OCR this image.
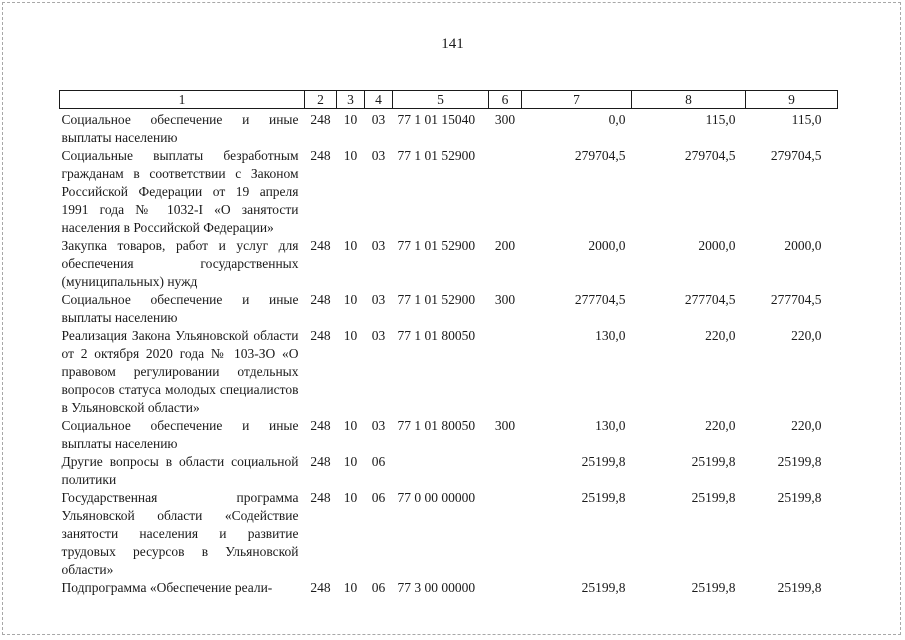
141
1	2	3	4	5	6	7	8	9
Социальное обеспечение и иные выплаты населению	248	10	03	77 1 01 15040	300	0,0	115,0	115,0
Социальные выплаты безработным гражданам в соответствии с Законом Российской Федерации от 19 апреля 1991 года № 1032-I «О занятости населения в Российской Федерации»	248	10	03	77 1 01 52900		279704,5	279704,5	279704,5
Закупка товаров, работ и услуг для обеспечения государственных (муниципальных) нужд	248	10	03	77 1 01 52900	200	2000,0	2000,0	2000,0
Социальное обеспечение и иные выплаты населению	248	10	03	77 1 01 52900	300	277704,5	277704,5	277704,5
Реализация Закона Ульяновской области от 2 октября 2020 года № 103-ЗО «О правовом регулировании отдельных вопросов статуса молодых специалистов в Ульяновской области»	248	10	03	77 1 01 80050		130,0	220,0	220,0
Социальное обеспечение и иные выплаты населению	248	10	03	77 1 01 80050	300	130,0	220,0	220,0
Другие вопросы в области социальной политики	248	10	06			25199,8	25199,8	25199,8
Государственная программа Ульяновской области «Содействие занятости населения и развитие трудовых ресурсов в Ульяновской области»	248	10	06	77 0 00 00000		25199,8	25199,8	25199,8
Подпрограмма «Обеспечение реали-	248	10	06	77 3 00 00000		25199,8	25199,8	25199,8
